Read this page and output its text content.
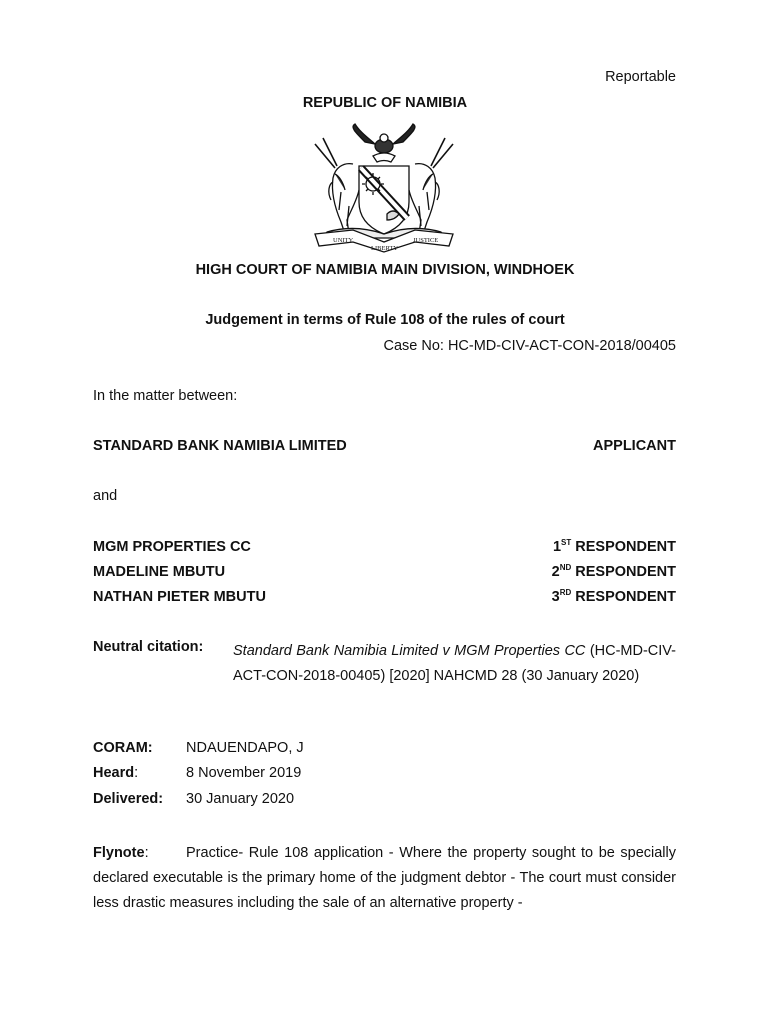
Reportable
REPUBLIC OF NAMIBIA
UNITY
LIBERTY
JUSTICE
HIGH COURT OF NAMIBIA MAIN DIVISION, WINDHOEK
Judgement in terms of Rule 108 of the rules of court
Case No: HC-MD-CIV-ACT-CON-2018/00405
In the matter between:
STANDARD BANK NAMIBIA LIMITED	APPLICANT
and
MGM PROPERTIES CC	1ST RESPONDENT
MADELINE MBUTU	2ND RESPONDENT
NATHAN PIETER MBUTU	3RD RESPONDENT
Neutral citation: Standard Bank Namibia Limited v MGM Properties CC (HC-MD-CIV-ACT-CON-2018-00405) [2020] NAHCMD 28 (30 January 2020)
CORAM: NDAUENDAPO, J
Heard:	8 November 2019
Delivered: 30 January 2020
Flynote:	Practice- Rule 108 application - Where the property sought to be specially declared executable is the primary home of the judgment debtor - The court must consider less drastic measures including the sale of an alternative property -
